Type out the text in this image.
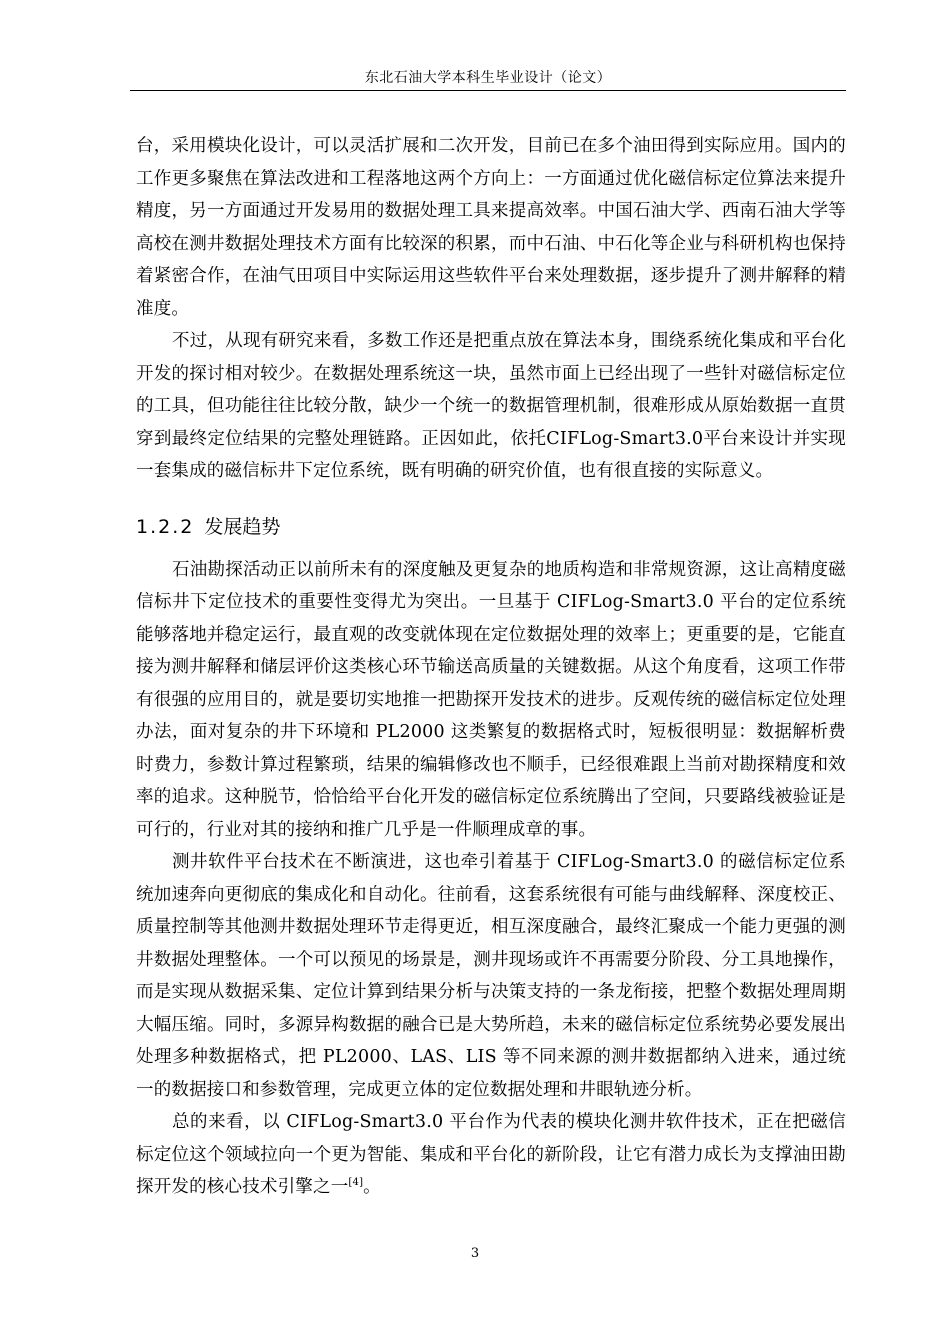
东北石油大学本科生毕业设计（论文）

台，采用模块化设计，可以灵活扩展和二次开发，目前已在多个油田得到实际应用。国内的工作更多聚焦在算法改进和工程落地这两个方向上：一方面通过优化磁信标定位算法来提升精度，另一方面通过开发易用的数据处理工具来提高效率。中国石油大学、西南石油大学等高校在测井数据处理技术方面有比较深的积累，而中石油、中石化等企业与科研机构也保持着紧密合作，在油气田项目中实际运用这些软件平台来处理数据，逐步提升了测井解释的精准度。

不过，从现有研究来看，多数工作还是把重点放在算法本身，围绕系统化集成和平台化开发的探讨相对较少。在数据处理系统这一块，虽然市面上已经出现了一些针对磁信标定位的工具，但功能往往比较分散，缺少一个统一的数据管理机制，很难形成从原始数据一直贯穿到最终定位结果的完整处理链路。正因如此，依托CIFLog-Smart3.0平台来设计并实现一套集成的磁信标井下定位系统，既有明确的研究价值，也有很直接的实际意义。

1.2.2 发展趋势

石油勘探活动正以前所未有的深度触及更复杂的地质构造和非常规资源，这让高精度磁信标井下定位技术的重要性变得尤为突出。一旦基于 CIFLog-Smart3.0 平台的定位系统能够落地并稳定运行，最直观的改变就体现在定位数据处理的效率上；更重要的是，它能直接为测井解释和储层评价这类核心环节输送高质量的关键数据。从这个角度看，这项工作带有很强的应用目的，就是要切实地推一把勘探开发技术的进步。反观传统的磁信标定位处理办法，面对复杂的井下环境和 PL2000 这类繁复的数据格式时，短板很明显：数据解析费时费力，参数计算过程繁琐，结果的编辑修改也不顺手，已经很难跟上当前对勘探精度和效率的追求。这种脱节，恰恰给平台化开发的磁信标定位系统腾出了空间，只要路线被验证是可行的，行业对其的接纳和推广几乎是一件顺理成章的事。

测井软件平台技术在不断演进，这也牵引着基于 CIFLog-Smart3.0 的磁信标定位系统加速奔向更彻底的集成化和自动化。往前看，这套系统很有可能与曲线解释、深度校正、质量控制等其他测井数据处理环节走得更近，相互深度融合，最终汇聚成一个能力更强的测井数据处理整体。一个可以预见的场景是，测井现场或许不再需要分阶段、分工具地操作，而是实现从数据采集、定位计算到结果分析与决策支持的一条龙衔接，把整个数据处理周期大幅压缩。同时，多源异构数据的融合已是大势所趋，未来的磁信标定位系统势必要发展出处理多种数据格式，把 PL2000、LAS、LIS 等不同来源的测井数据都纳入进来，通过统一的数据接口和参数管理，完成更立体的定位数据处理和井眼轨迹分析。

总的来看，以 CIFLog-Smart3.0 平台作为代表的模块化测井软件技术，正在把磁信标定位这个领域拉向一个更为智能、集成和平台化的新阶段，让它有潜力成长为支撑油田勘探开发的核心技术引擎之一[4]。

3
